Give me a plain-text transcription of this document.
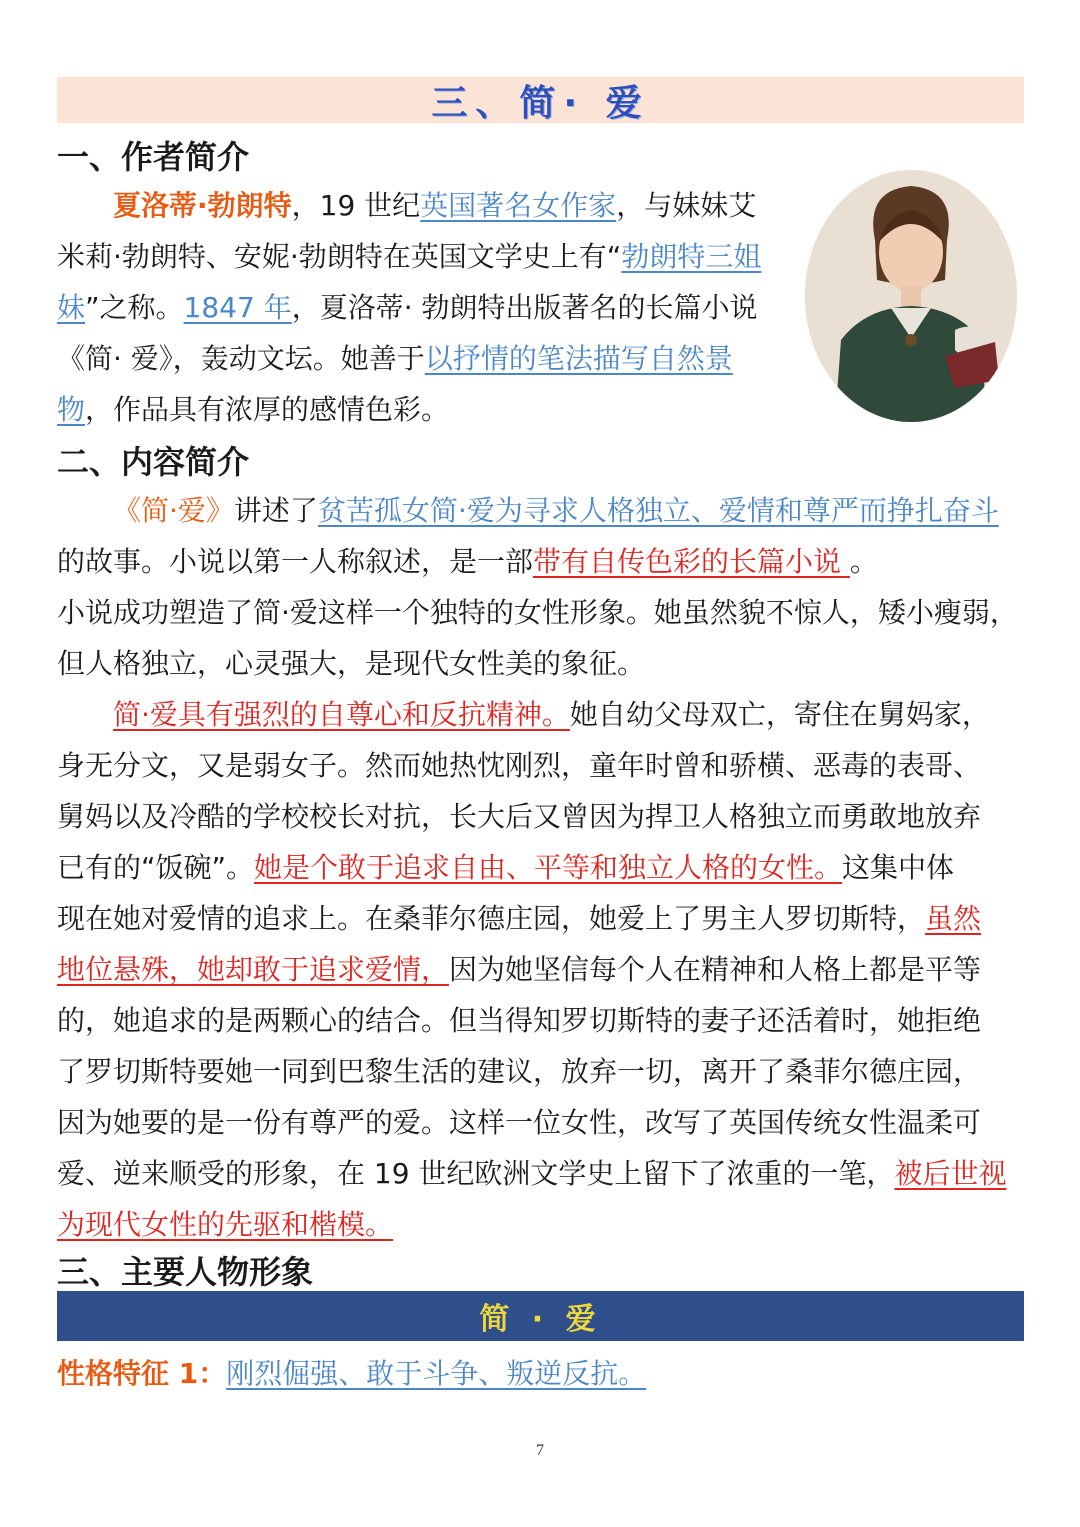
三、简· 爱
一、作者简介
夏洛蒂·勃朗特，19 世纪英国著名女作家，与妹妹艾
米莉·勃朗特、安妮·勃朗特在英国文学史上有“勃朗特三姐
妹”之称。1847 年，夏洛蒂· 勃朗特出版著名的长篇小说
《简· 爱》，轰动文坛。她善于以抒情的笔法描写自然景
物，作品具有浓厚的感情色彩。
二、内容简介
《简·爱》讲述了贫苦孤女简·爱为寻求人格独立、爱情和尊严而挣扎奋斗
的故事。小说以第一人称叙述，是一部带有自传色彩的长篇小说 。
小说成功塑造了简·爱这样一个独特的女性形象。她虽然貌不惊人，矮小瘦弱，
但人格独立，心灵强大，是现代女性美的象征。
简·爱具有强烈的自尊心和反抗精神。她自幼父母双亡，寄住在舅妈家，
身无分文，又是弱女子。然而她热忱刚烈，童年时曾和骄横、恶毒的表哥、
舅妈以及冷酷的学校校长对抗，长大后又曾因为捍卫人格独立而勇敢地放弃
已有的“饭碗”。她是个敢于追求自由、平等和独立人格的女性。这集中体
现在她对爱情的追求上。在桑菲尔德庄园，她爱上了男主人罗切斯特，虽然
地位悬殊，她却敢于追求爱情，因为她坚信每个人在精神和人格上都是平等
的，她追求的是两颗心的结合。但当得知罗切斯特的妻子还活着时，她拒绝
了罗切斯特要她一同到巴黎生活的建议，放弃一切，离开了桑菲尔德庄园，
因为她要的是一份有尊严的爱。这样一位女性，改写了英国传统女性温柔可
爱、逆来顺受的形象，在 19 世纪欧洲文学史上留下了浓重的一笔，被后世视
为现代女性的先驱和楷模。
三、主要人物形象
简 · 爱
性格特征 1：刚烈倔强、敢于斗争、叛逆反抗。
7
